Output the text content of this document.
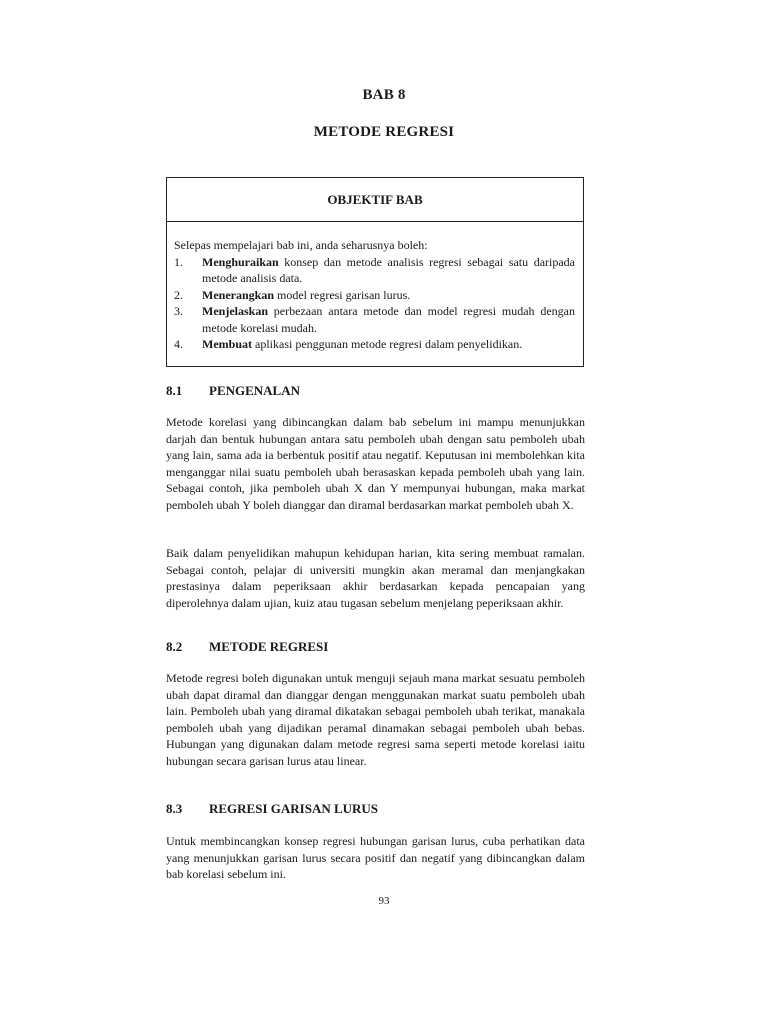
BAB 8
METODE REGRESI
OBJEKTIF BAB

Selepas mempelajari bab ini, anda seharusnya boleh:

1.	Menghuraikan konsep dan metode analisis regresi sebagai satu daripada metode analisis data.
2.	Menerangkan model regresi garisan lurus.
3.	Menjelaskan perbezaan antara metode dan model regresi mudah dengan metode korelasi mudah.
4.	Membuat aplikasi penggunan metode regresi dalam penyelidikan.
8.1 PENGENALAN

Metode korelasi yang dibincangkan dalam bab sebelum ini mampu menunjukkan darjah dan bentuk hubungan antara satu pemboleh ubah dengan satu pemboleh ubah yang lain, sama ada ia berbentuk positif atau negatif. Keputusan ini membolehkan kita menganggar nilai suatu pemboleh ubah berasaskan kepada pemboleh ubah yang lain. Sebagai contoh, jika pemboleh ubah X dan Y mempunyai hubungan, maka markat pemboleh ubah Y boleh dianggar dan diramal berdasarkan markat pemboleh ubah X.

Baik dalam penyelidikan mahupun kehidupan harian, kita sering membuat ramalan. Sebagai contoh, pelajar di universiti mungkin akan meramal dan menjangkakan prestasinya dalam peperiksaan akhir berdasarkan kepada pencapaian yang diperolehnya dalam ujian, kuiz atau tugasan sebelum menjelang peperiksaan akhir.

8.2 METODE REGRESI

Metode regresi boleh digunakan untuk menguji sejauh mana markat sesuatu pemboleh ubah dapat diramal dan dianggar dengan menggunakan markat suatu pemboleh ubah lain. Pemboleh ubah yang diramal dikatakan sebagai pemboleh ubah terikat, manakala pemboleh ubah yang dijadikan peramal dinamakan sebagai pemboleh ubah bebas. Hubungan yang digunakan dalam metode regresi sama seperti metode korelasi iaitu hubungan secara garisan lurus atau linear.

8.3 REGRESI GARISAN LURUS

Untuk membincangkan konsep regresi hubungan garisan lurus, cuba perhatikan data yang menunjukkan garisan lurus secara positif dan negatif yang dibincangkan dalam bab korelasi sebelum ini.

93
